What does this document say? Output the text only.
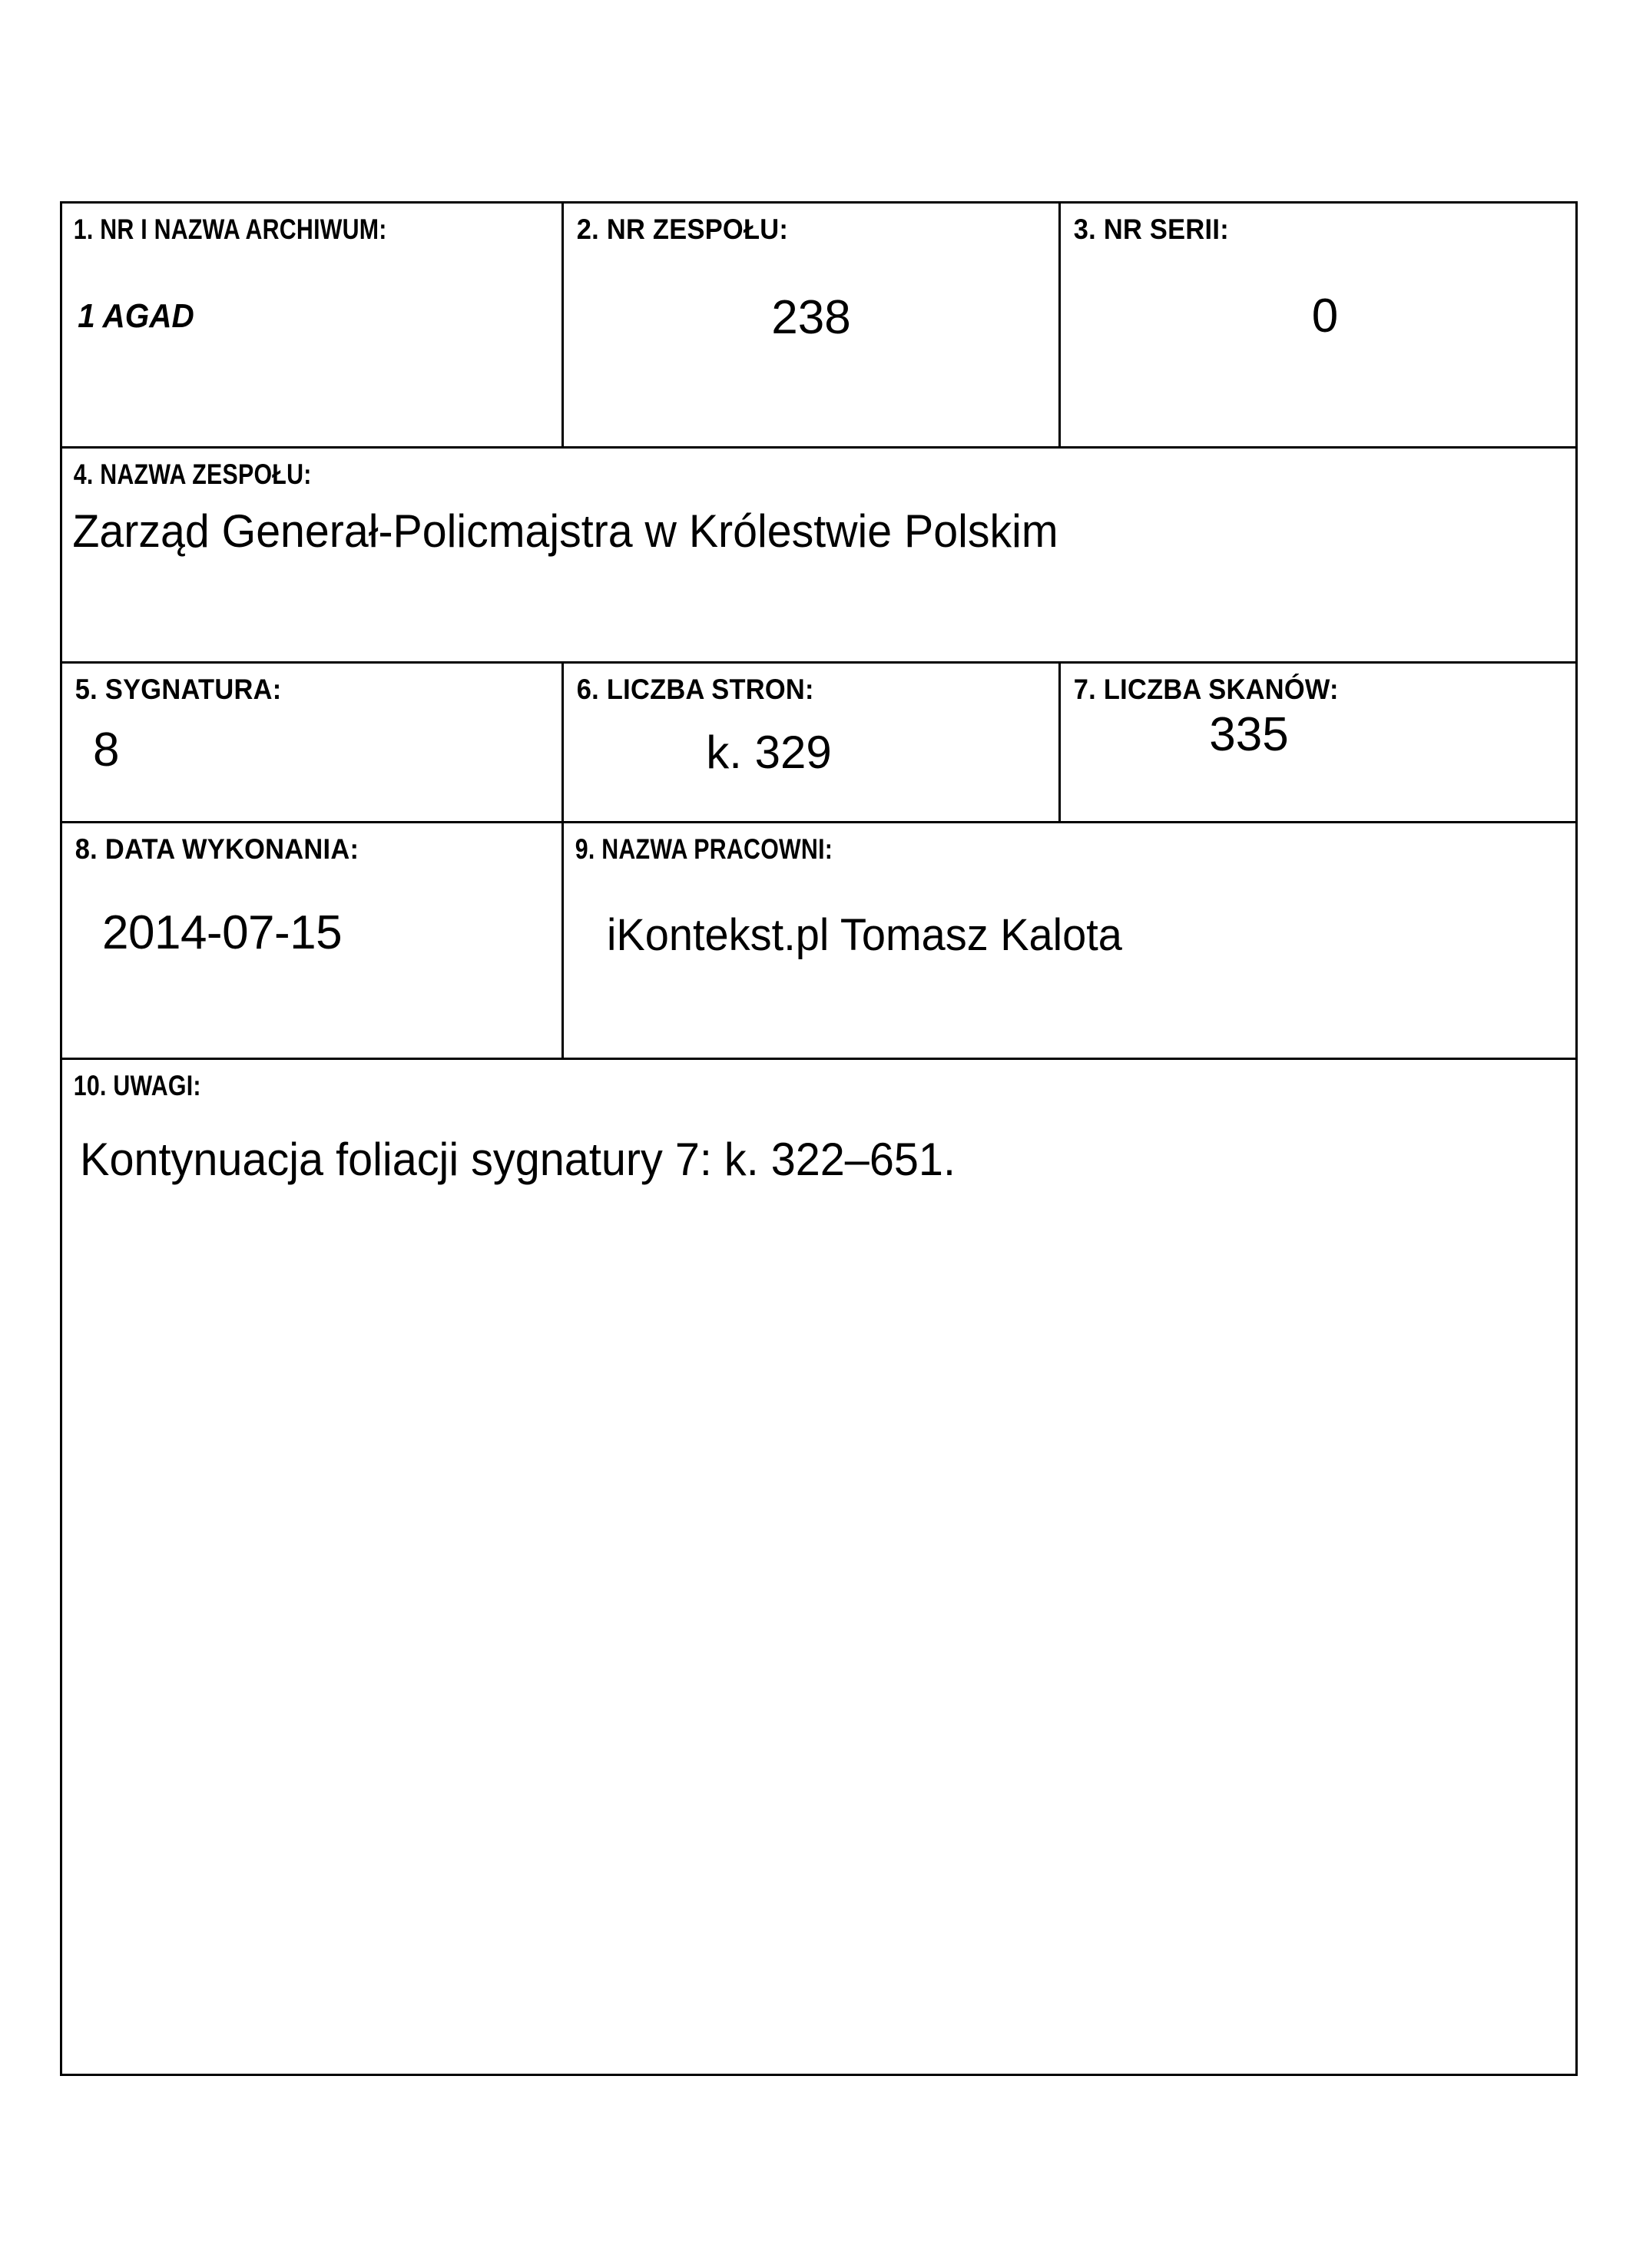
1. NR I NAZWA ARCHIWUM:
1 AGAD	2. NR ZESPOŁU:
238	3. NR SERII:
0

4. NAZWA ZESPOŁU:
Zarząd Generał-Policmajstra w Królestwie Polskim		

5. SYGNATURA:
8	6. LICZBA STRON:
k. 329	7. LICZBA SKANÓW:
335

8. DATA WYKONANIA:
2014-07-15	9. NAZWA PRACOWNI:
iKontekst.pl Tomasz Kalota	

10. UWAGI:
Kontynuacja foliacji sygnatury 7: k. 322–651.		
